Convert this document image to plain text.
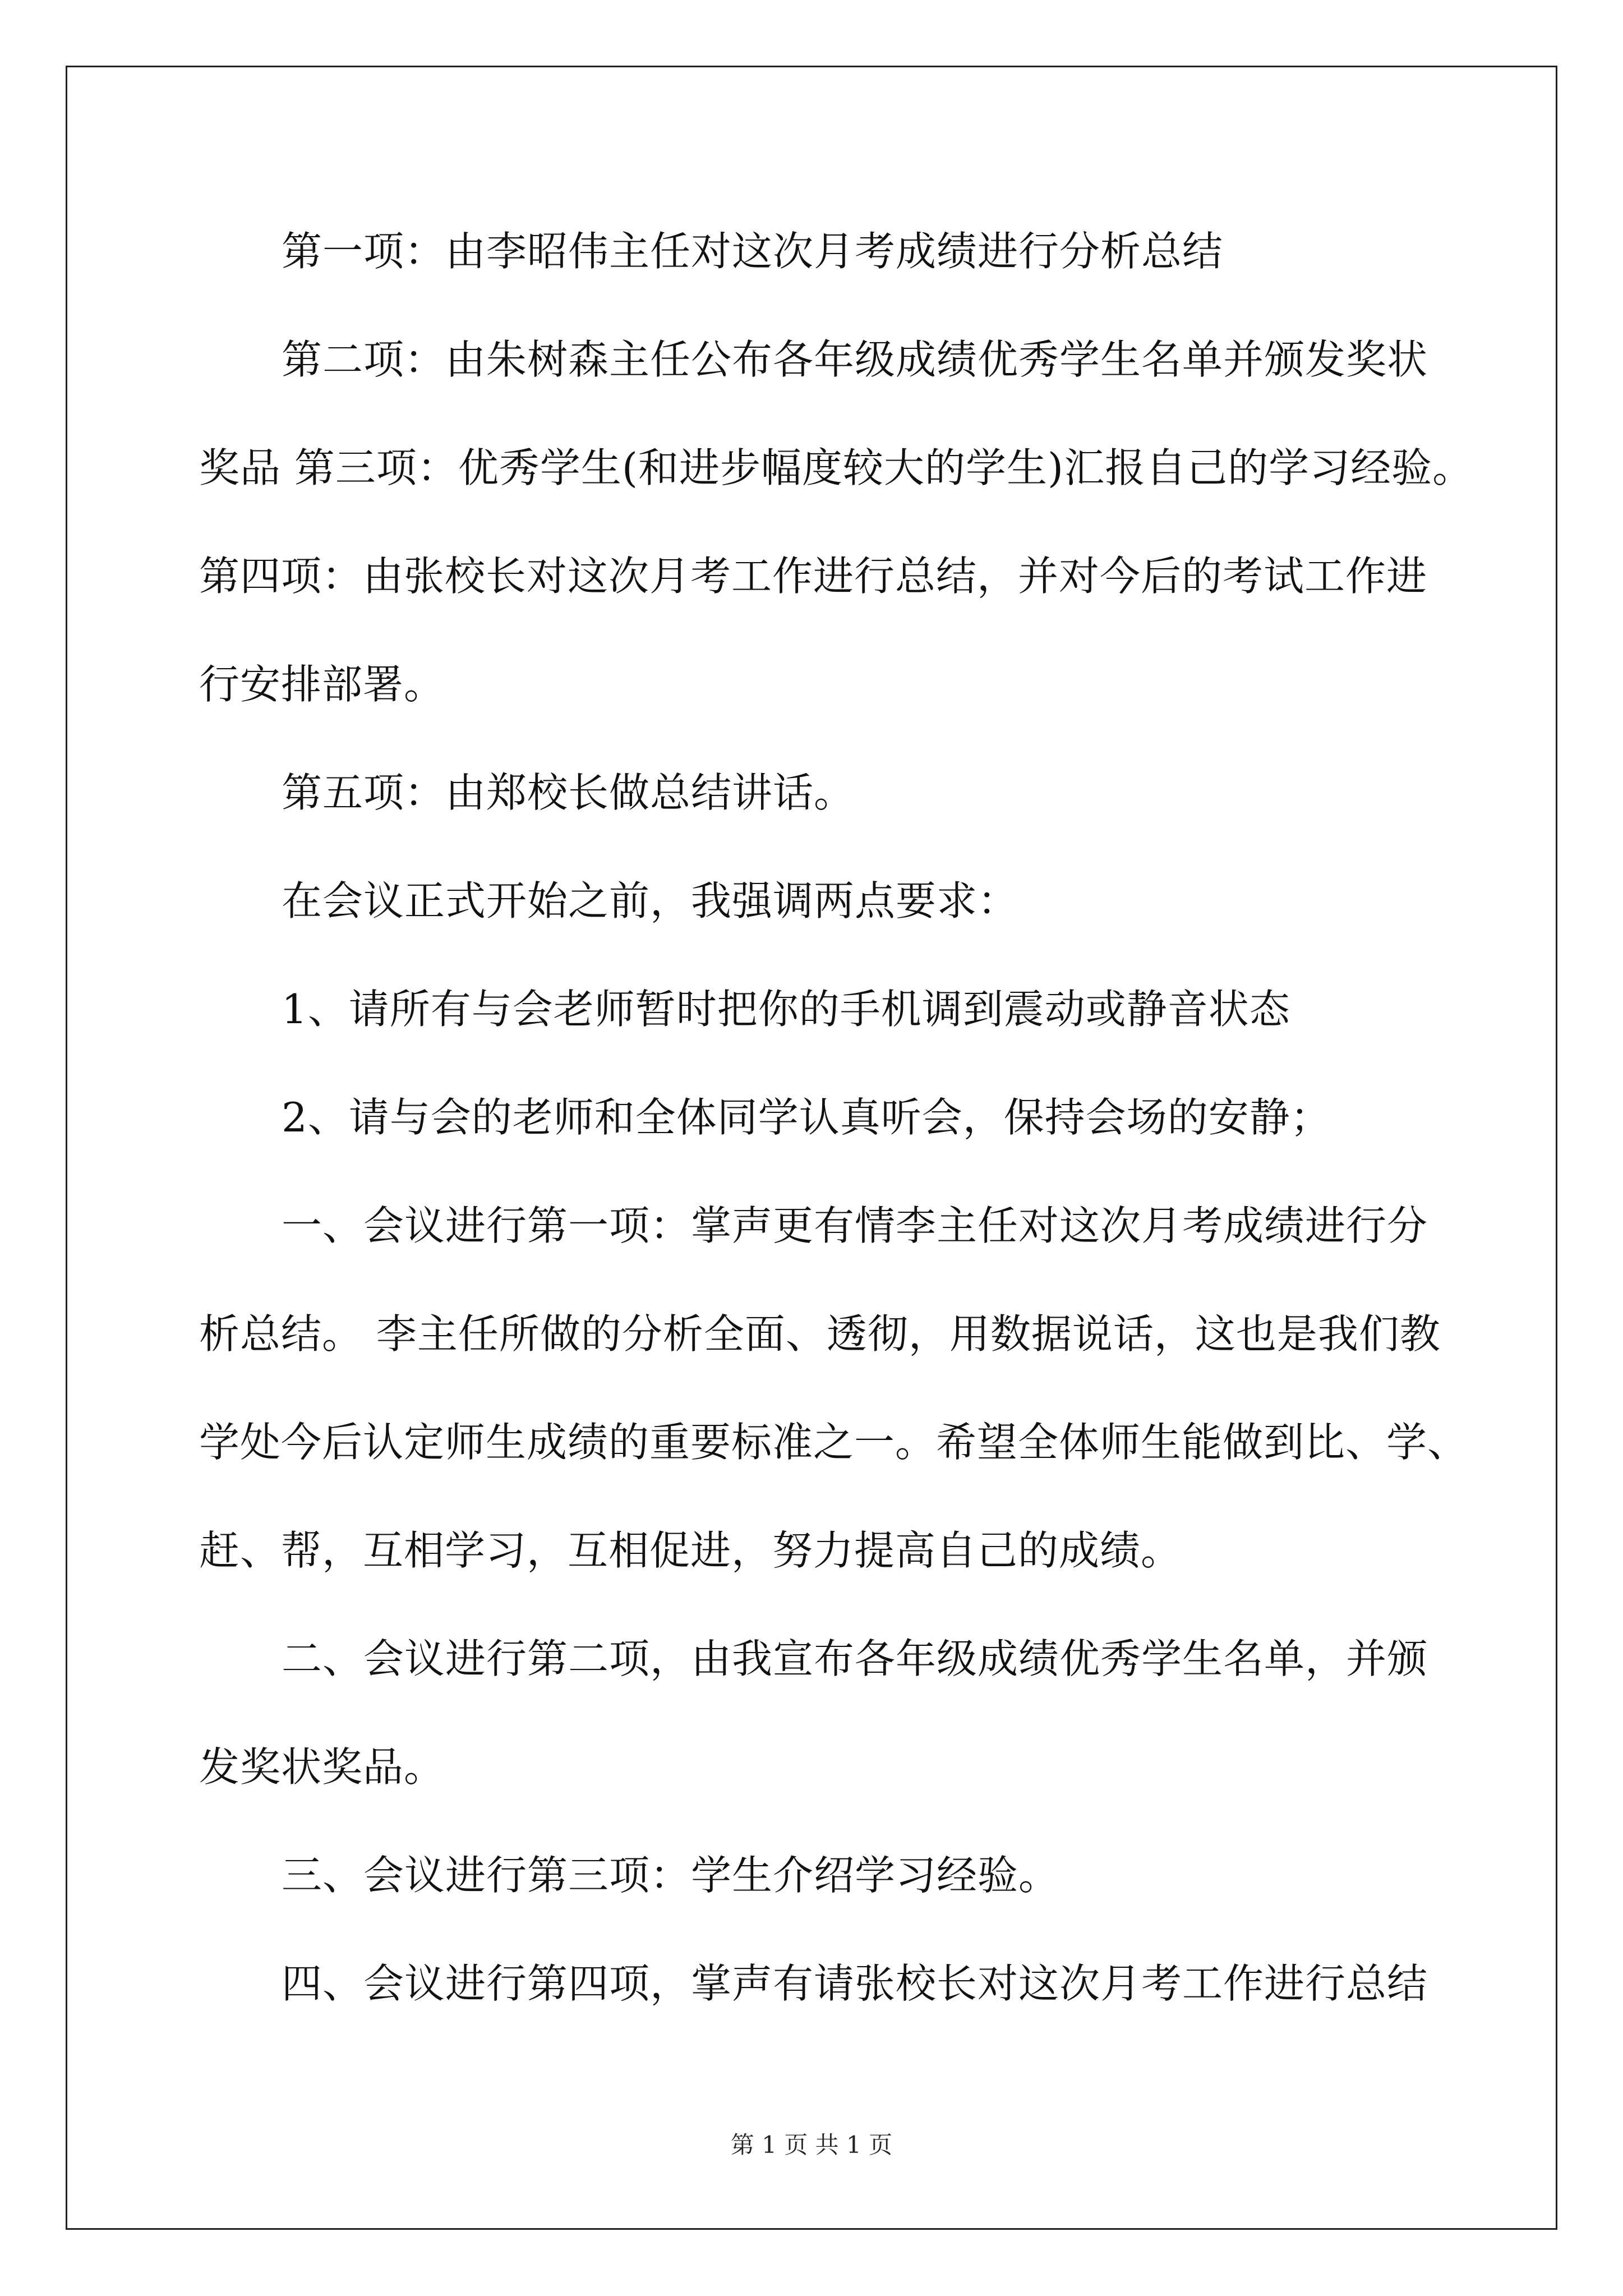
第一项：由李昭伟主任对这次月考成绩进行分析总结

第二项：由朱树森主任公布各年级成绩优秀学生名单并颁发奖状

奖品 第三项：优秀学生(和进步幅度较大的学生)汇报自己的学习经验。

第四项：由张校长对这次月考工作进行总结，并对今后的考试工作进

行安排部署。

第五项：由郑校长做总结讲话。

在会议正式开始之前，我强调两点要求：

1、请所有与会老师暂时把你的手机调到震动或静音状态

2、请与会的老师和全体同学认真听会，保持会场的安静；

一、会议进行第一项：掌声更有情李主任对这次月考成绩进行分

析总结。 李主任所做的分析全面、透彻，用数据说话，这也是我们教

学处今后认定师生成绩的重要标准之一。希望全体师生能做到比、学、

赶、帮，互相学习，互相促进，努力提高自己的成绩。

二、会议进行第二项，由我宣布各年级成绩优秀学生名单，并颁

发奖状奖品。

三、会议进行第三项：学生介绍学习经验。

四、会议进行第四项，掌声有请张校长对这次月考工作进行总结

第 1 页 共 1 页
